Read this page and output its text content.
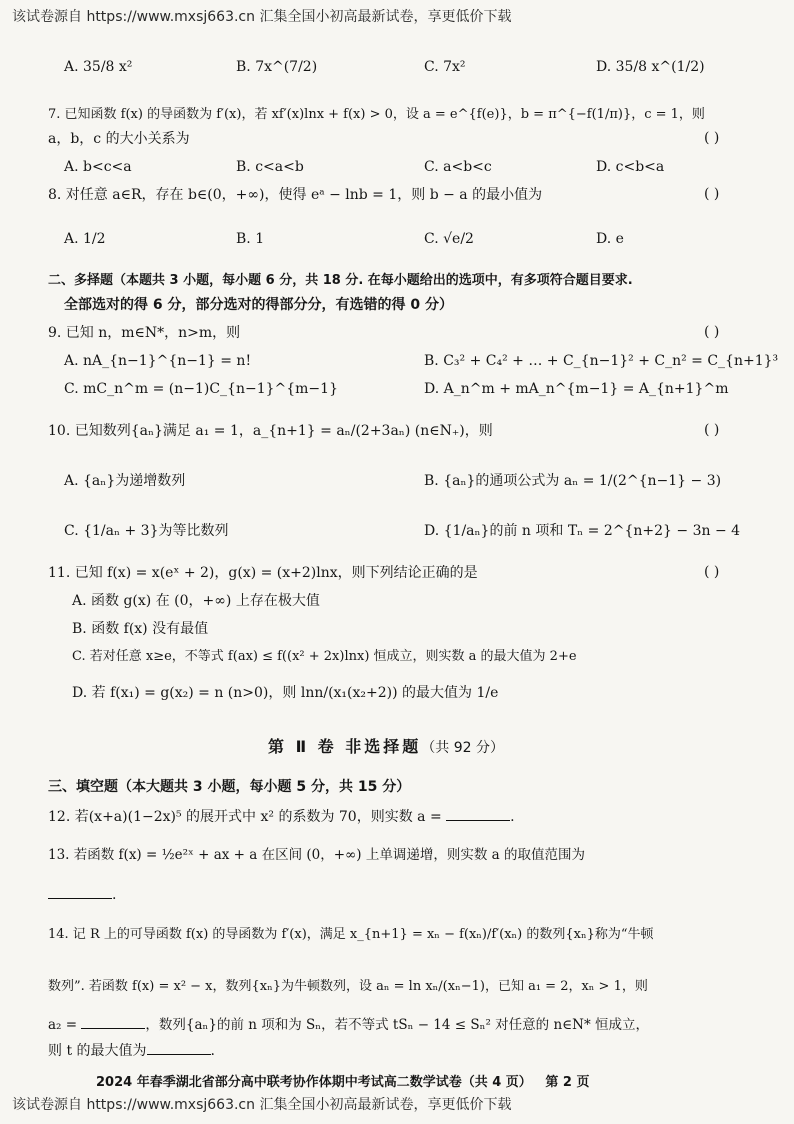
该试卷源自 https://www.mxsj663.cn 汇集全国小初高最新试卷，享更低价下载
A. 35/8 x²	B. 7x^(7/2)	C. 7x²	D. 35/8 x^(1/2)
7. 已知函数 f(x) 的导函数为 f′(x)，若 xf′(x)lnx + f(x) > 0，设 a = e^{f(e)}，b = π^{−f(1/π)}，c = 1，则
a，b，c 的大小关系为	( )
A. b<c<a	B. c<a<b	C. a<b<c	D. c<b<a
8. 对任意 a∈R，存在 b∈(0，+∞)，使得 eᵃ − lnb = 1，则 b − a 的最小值为	( )
A. 1/2	B. 1	C. √e/2	D. e
二、多择题（本题共 3 小题，每小题 6 分，共 18 分. 在每小题给出的选项中，有多项符合题目要求.
全部选对的得 6 分，部分选对的得部分分，有选错的得 0 分）
9. 已知 n，m∈N*，n>m，则	( )
A. nA_{n−1}^{n−1} = n!	B. C₃² + C₄² + … + C_{n−1}² + C_n² = C_{n+1}³
C. mC_n^m = (n−1)C_{n−1}^{m−1}	D. A_n^m + mA_n^{m−1} = A_{n+1}^m
10. 已知数列{aₙ}满足 a₁ = 1，a_{n+1} = aₙ/(2+3aₙ) (n∈N₊)，则	( )
A. {aₙ}为递增数列	B. {aₙ}的通项公式为 aₙ = 1/(2^{n−1} − 3)
C. {1/aₙ + 3}为等比数列	D. {1/aₙ}的前 n 项和 Tₙ = 2^{n+2} − 3n − 4
11. 已知 f(x) = x(eˣ + 2)，g(x) = (x+2)lnx，则下列结论正确的是	( )
A. 函数 g(x) 在 (0，+∞) 上存在极大值
B. 函数 f(x) 没有最值
C. 若对任意 x≥e，不等式 f(ax) ≤ f((x² + 2x)lnx) 恒成立，则实数 a 的最大值为 2+e
D. 若 f(x₁) = g(x₂) = n (n>0)，则 lnn/(x₁(x₂+2)) 的最大值为 1/e
第 Ⅱ 卷 非选择题（共 92 分）
三、填空题（本大题共 3 小题，每小题 5 分，共 15 分）
12. 若(x+a)(1−2x)⁵ 的展开式中 x² 的系数为 70，则实数 a =	.
13. 若函数 f(x) = ½e²ˣ + ax + a 在区间 (0，+∞) 上单调递增，则实数 a 的取值范围为
.
14. 记 R 上的可导函数 f(x) 的导函数为 f′(x)，满足 x_{n+1} = xₙ − f(xₙ)/f′(xₙ) 的数列{xₙ}称为“牛顿
数列”. 若函数 f(x) = x² − x，数列{xₙ}为牛顿数列，设 aₙ = ln xₙ/(xₙ−1)，已知 a₁ = 2，xₙ > 1，则
a₂ =	，数列{aₙ}的前 n 项和为 Sₙ，若不等式 tSₙ − 14 ≤ Sₙ² 对任意的 n∈N* 恒成立，
则 t 的最大值为	.
2024 年春季湖北省部分高中联考协作体期中考试高二数学试卷（共 4 页） 第 2 页
该试卷源自 https://www.mxsj663.cn 汇集全国小初高最新试卷，享更低价下载
